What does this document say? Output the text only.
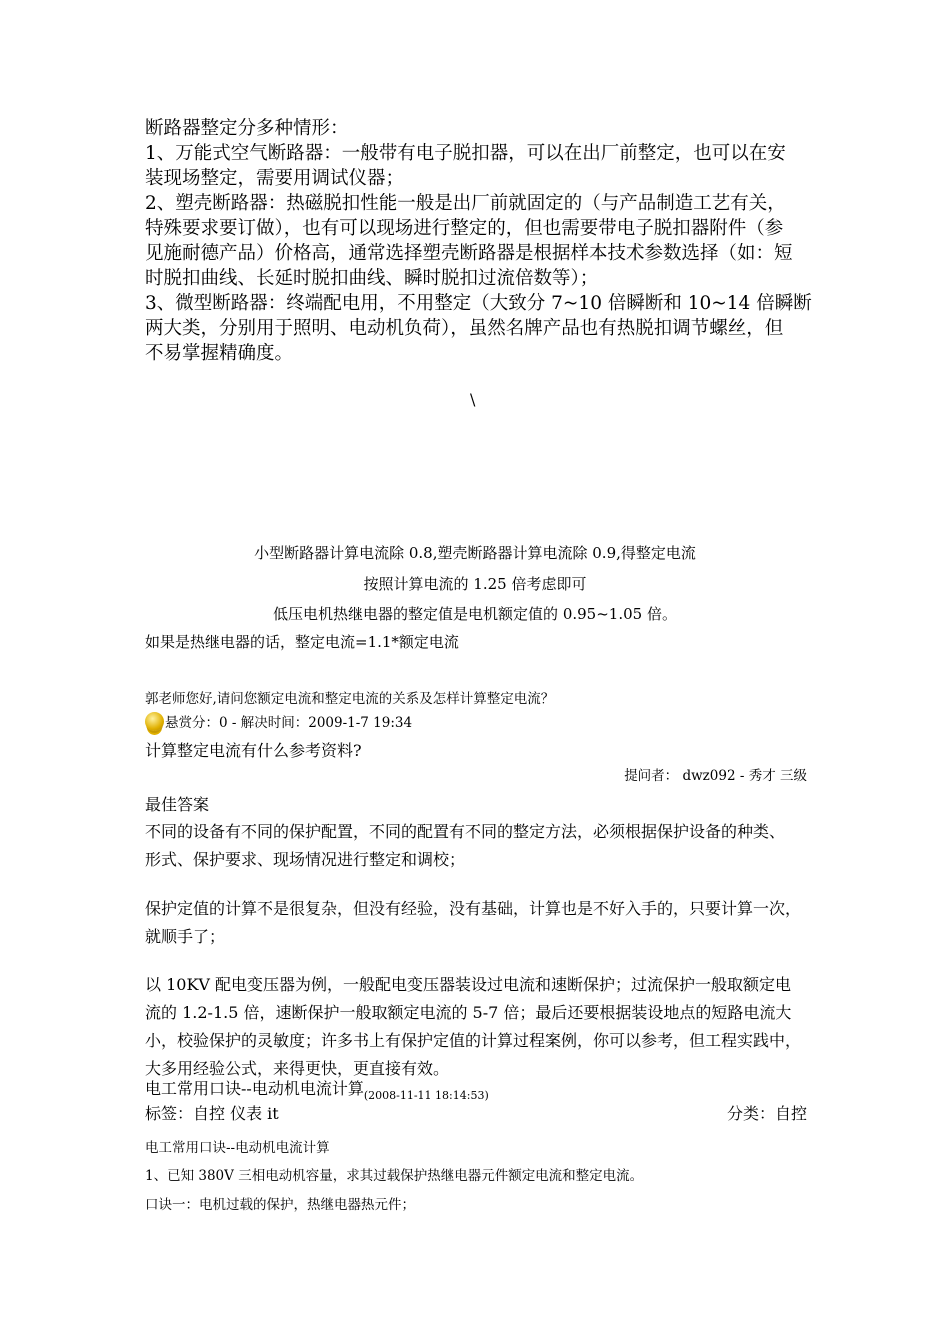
断路器整定分多种情形：
1、万能式空气断路器：一般带有电子脱扣器，可以在出厂前整定，也可以在安
装现场整定，需要用调试仪器；
2、塑壳断路器：热磁脱扣性能一般是出厂前就固定的（与产品制造工艺有关，
特殊要求要订做），也有可以现场进行整定的，但也需要带电子脱扣器附件（参
见施耐德产品）价格高，通常选择塑壳断路器是根据样本技术参数选择（如：短
时脱扣曲线、长延时脱扣曲线、瞬时脱扣过流倍数等）；
3、微型断路器：终端配电用，不用整定（大致分 7~10 倍瞬断和 10~14 倍瞬断
两大类，分别用于照明、电动机负荷），虽然名牌产品也有热脱扣调节螺丝，但
不易掌握精确度。
\
小型断路器计算电流除 0.8,塑壳断路器计算电流除 0.9,得整定电流
按照计算电流的 1.25 倍考虑即可
低压电机热继电器的整定值是电机额定值的 0.95~1.05 倍。
如果是热继电器的话，整定电流=1.1*额定电流
郭老师您好,请问您额定电流和整定电流的关系及怎样计算整定电流？
悬赏分：0 - 解决时间：2009-1-7 19:34
计算整定电流有什么参考资料?
提问者： dwz092 - 秀才 三级
最佳答案
不同的设备有不同的保护配置，不同的配置有不同的整定方法，必须根据保护设备的种类、
形式、保护要求、现场情况进行整定和调校；
保护定值的计算不是很复杂，但没有经验，没有基础，计算也是不好入手的，只要计算一次，
就顺手了；
以 10KV 配电变压器为例，一般配电变压器装设过电流和速断保护；过流保护一般取额定电
流的 1.2-1.5 倍，速断保护一般取额定电流的 5-7 倍；最后还要根据装设地点的短路电流大
小，校验保护的灵敏度；许多书上有保护定值的计算过程案例，你可以参考，但工程实践中，
大多用经验公式，来得更快，更直接有效。
电工常用口诀--电动机电流计算$_{(2008-11-11 18:14:53)}$
标签：自控 仪表 it	分类：自控
电工常用口诀--电动机电流计算
1、已知 380V 三相电动机容量，求其过载保护热继电器元件额定电流和整定电流。
口诀一：电机过载的保护，热继电器热元件；
